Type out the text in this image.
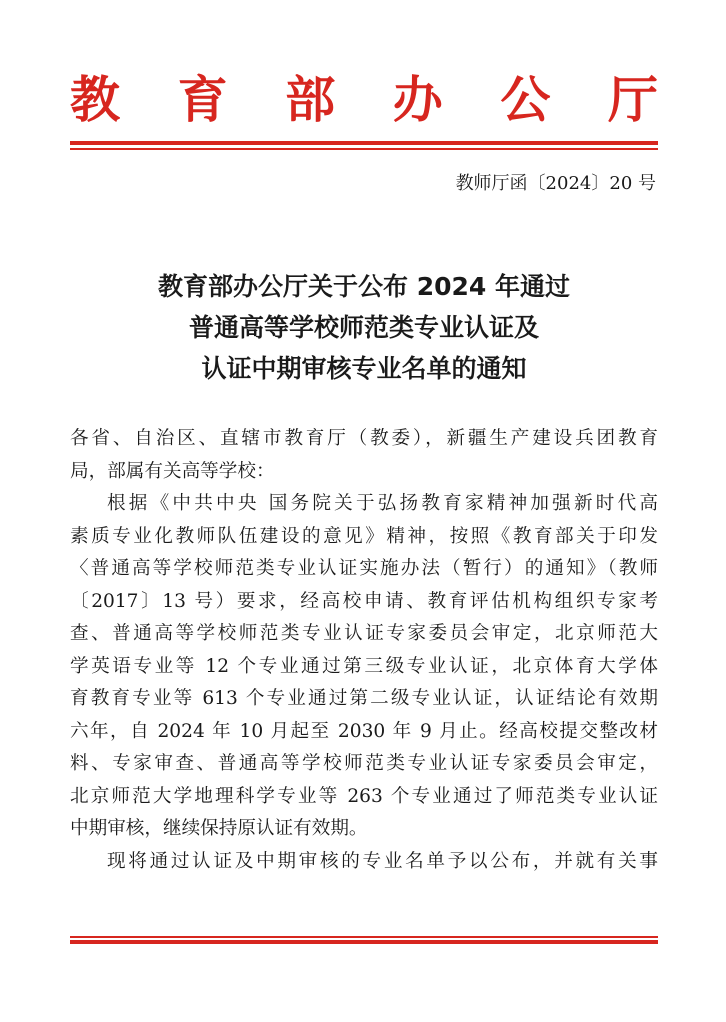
教 育 部 办 公 厅
教师厅函〔2024〕20 号
教育部办公厅关于公布 2024 年通过
普通高等学校师范类专业认证及
认证中期审核专业名单的通知
各省、自治区、直辖市教育厅（教委），新疆生产建设兵团教育
局，部属有关高等学校：
根据《中共中央 国务院关于弘扬教育家精神加强新时代高
素质专业化教师队伍建设的意见》精神，按照《教育部关于印发
〈普通高等学校师范类专业认证实施办法（暂行）的通知》（教师
〔2017〕13 号）要求，经高校申请、教育评估机构组织专家考
查、普通高等学校师范类专业认证专家委员会审定，北京师范大
学英语专业等 12 个专业通过第三级专业认证，北京体育大学体
育教育专业等 613 个专业通过第二级专业认证，认证结论有效期
六年，自 2024 年 10 月起至 2030 年 9 月止。经高校提交整改材
料、专家审查、普通高等学校师范类专业认证专家委员会审定，
北京师范大学地理科学专业等 263 个专业通过了师范类专业认证
中期审核，继续保持原认证有效期。
现将通过认证及中期审核的专业名单予以公布，并就有关事
